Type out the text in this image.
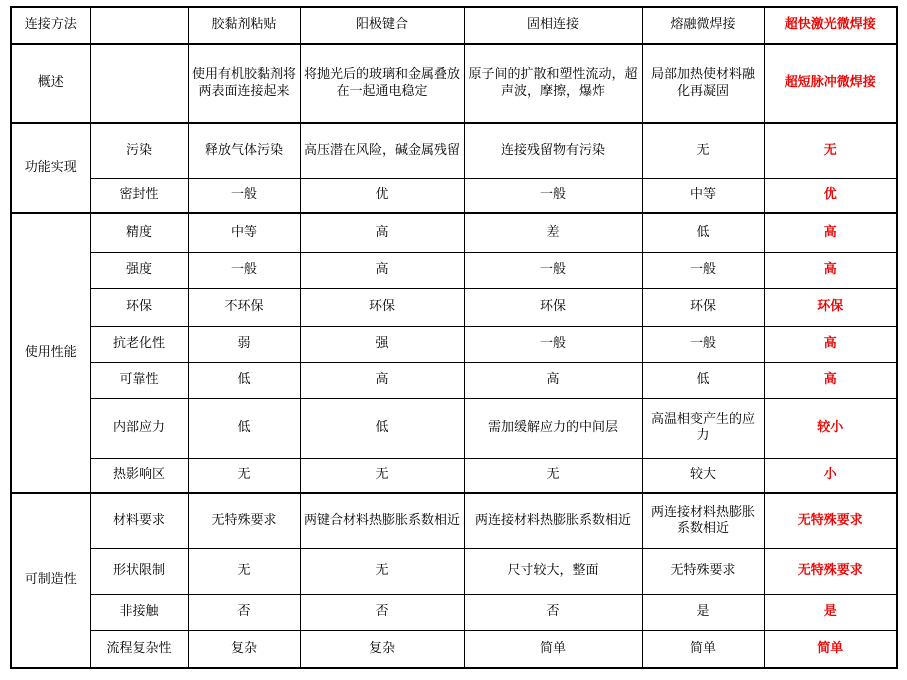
连接方法		胶黏剂粘贴	阳极键合	固相连接	熔融微焊接	超快激光微焊接
概述		使用有机胶黏剂将两表面连接起来	将抛光后的玻璃和金属叠放在一起通电稳定	原子间的扩散和塑性流动，超声波，摩擦，爆炸	局部加热使材料融化再凝固	超短脉冲微焊接
功能实现	污染	释放气体污染	高压潜在风险，碱金属残留	连接残留物有污染	无	无
	密封性	一般	优	一般	中等	优
使用性能	精度	中等	高	差	低	高
	强度	一般	高	一般	一般	高
	环保	不环保	环保	环保	环保	环保
	抗老化性	弱	强	一般	一般	高
	可靠性	低	高	高	低	高
	内部应力	低	低	需加缓解应力的中间层	高温相变产生的应力	较小
	热影响区	无	无	无	较大	小
可制造性	材料要求	无特殊要求	两键合材料热膨胀系数相近	两连接材料热膨胀系数相近	两连接材料热膨胀系数相近	无特殊要求
	形状限制	无	无	尺寸较大，整面	无特殊要求	无特殊要求
	非接触	否	否	否	是	是
	流程复杂性	复杂	复杂	简单	简单	简单
